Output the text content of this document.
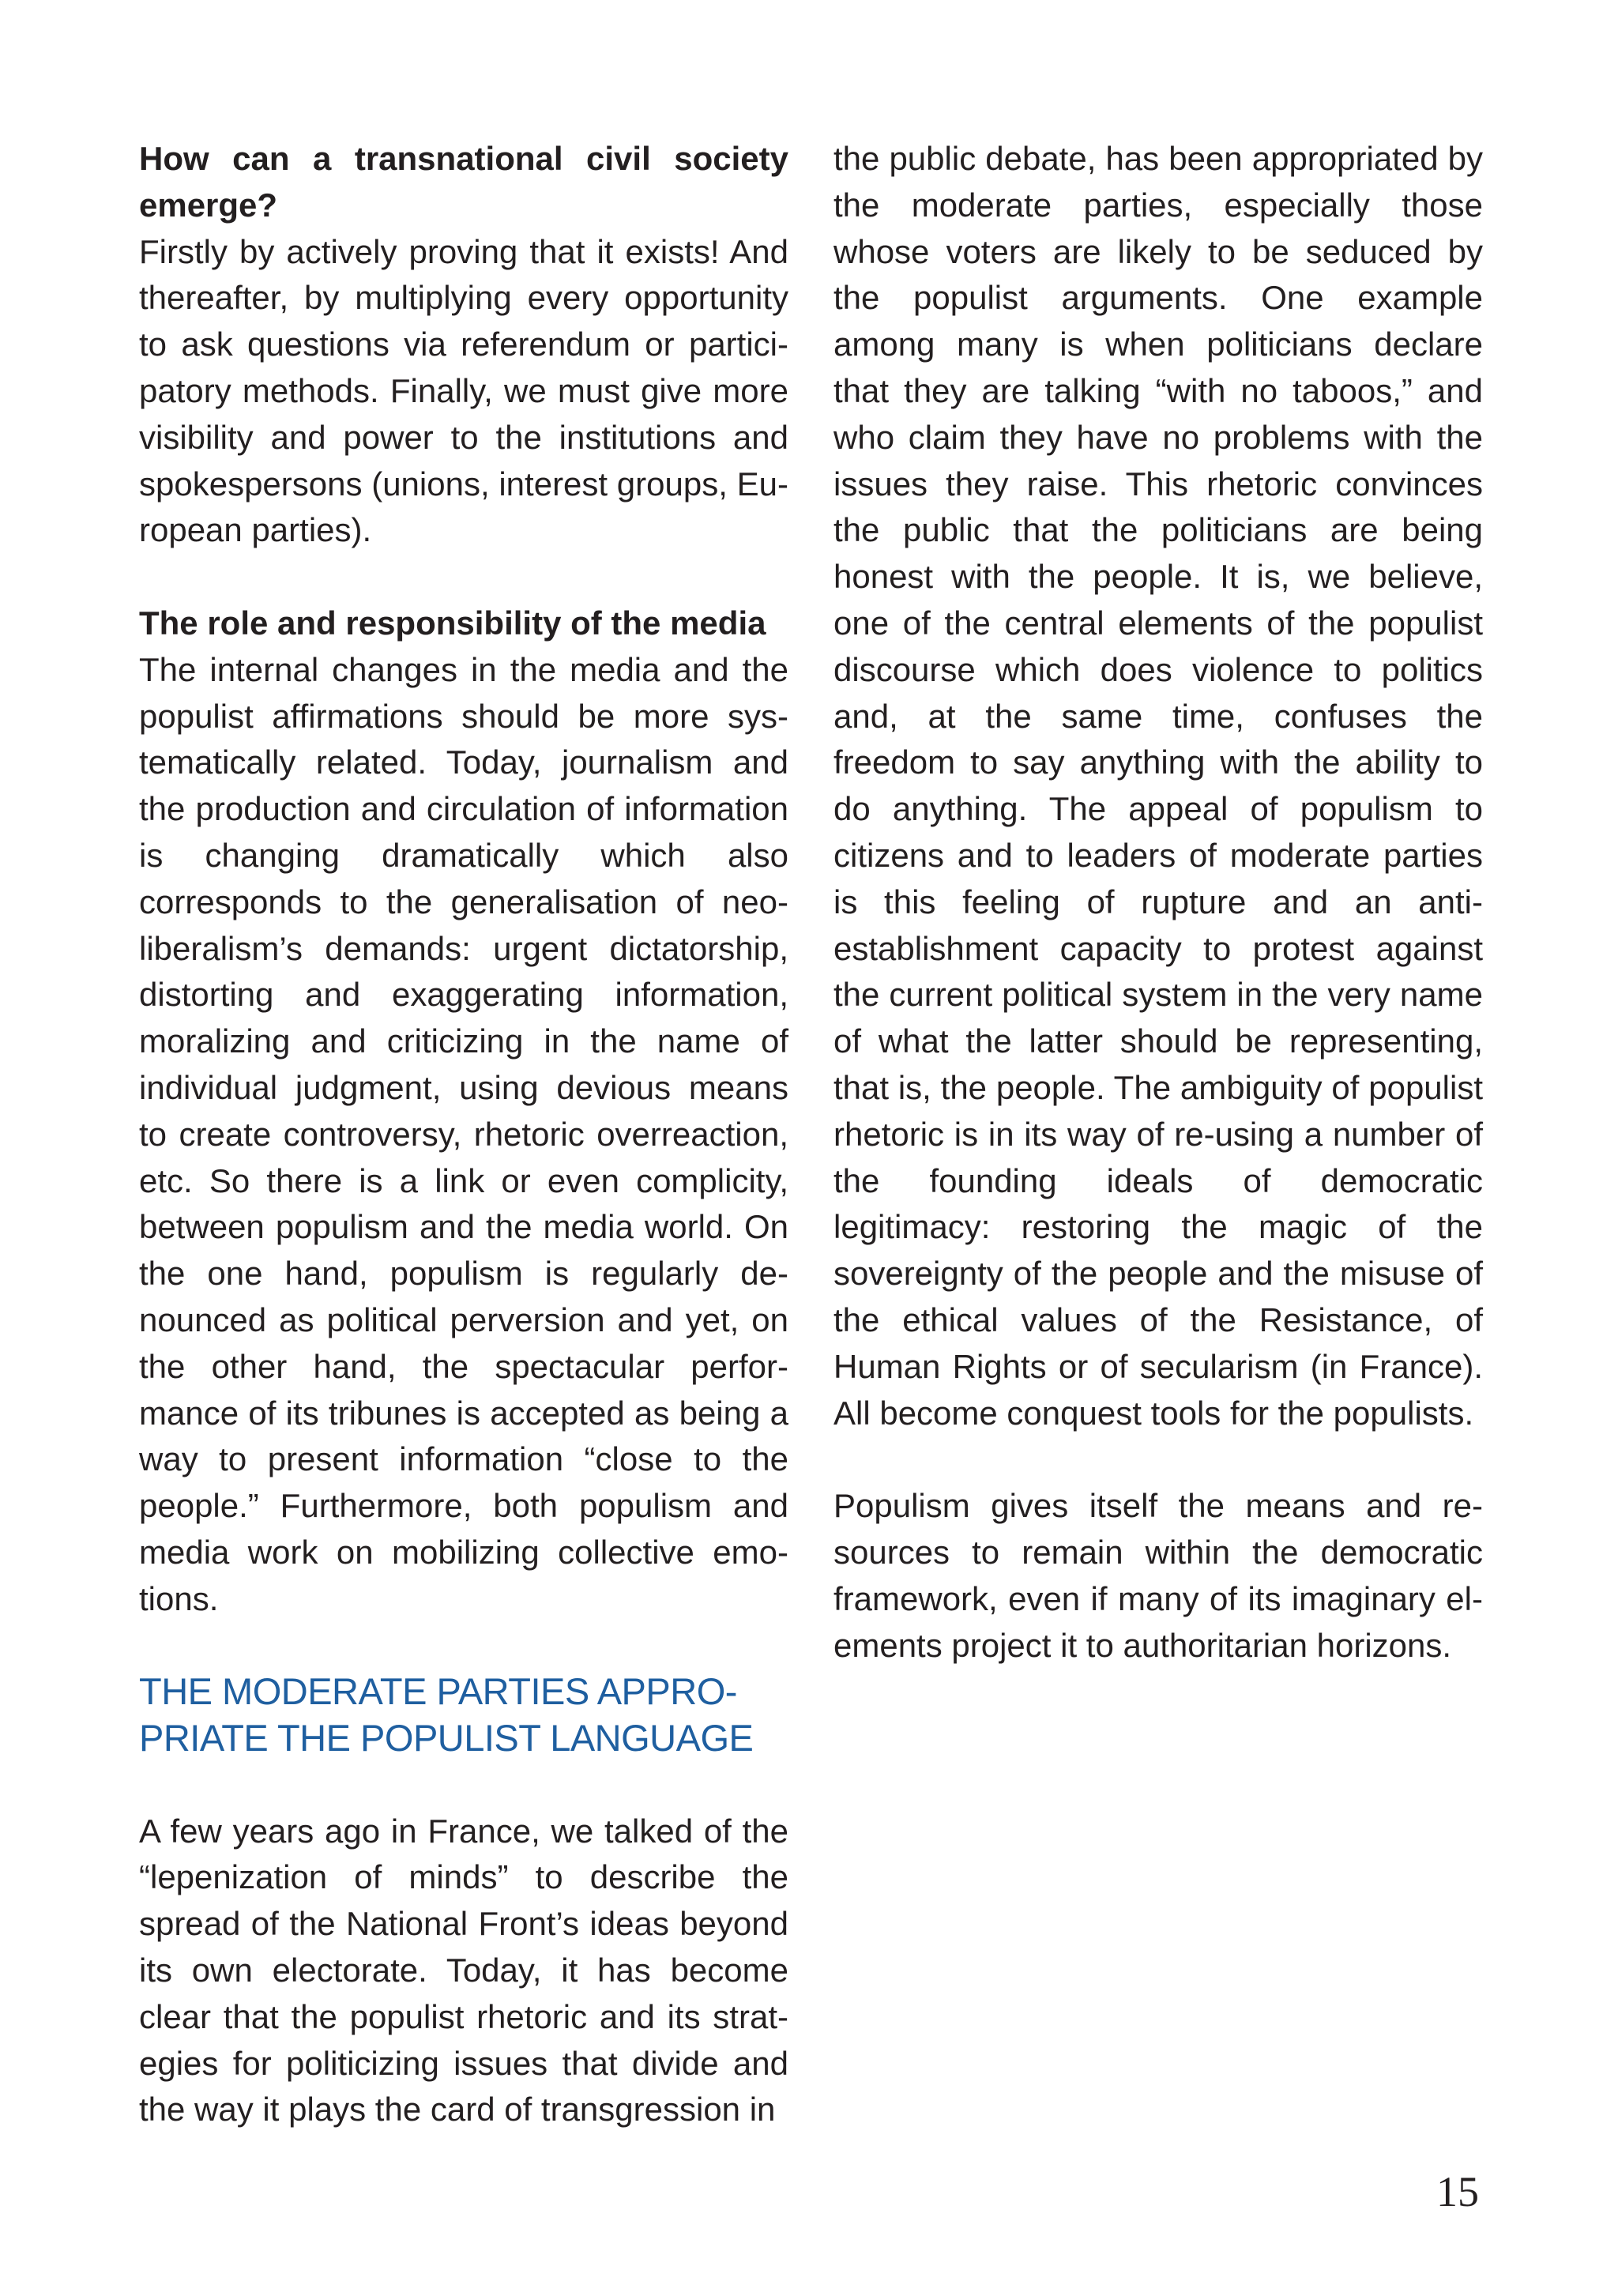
How can a transnational civil society emerge?

Firstly by actively proving that it exists! And thereafter, by multiplying every opportunity to ask questions via referendum or participatory methods. Finally, we must give more visibility and power to the institutions and spokespersons (unions, interest groups, European parties).

The role and responsibility of the media

The internal changes in the media and the populist affirmations should be more systematically related. Today, journalism and the production and circulation of information is changing dramatically which also corresponds to the generalisation of neoliberalism’s demands: urgent dictatorship, distorting and exaggerating information, moralizing and criticizing in the name of individual judgment, using devious means to create controversy, rhetoric overreaction, etc. So there is a link or even complicity, between populism and the media world. On the one hand, populism is regularly denounced as political perversion and yet, on the other hand, the spectacular performance of its tribunes is accepted as being a way to present information “close to the people.” Furthermore, both populism and media work on mobilizing collective emotions.

THE MODERATE PARTIES APPRO-
PRIATE THE POPULIST LANGUAGE

A few years ago in France, we talked of the “lepenization of minds” to describe the spread of the National Front’s ideas beyond its own electorate. Today, it has become clear that the populist rhetoric and its strategies for politicizing issues that divide and the way it plays the card of transgression in

the public debate, has been appropriated by the moderate parties, especially those whose voters are likely to be seduced by the populist arguments. One example among many is when politicians declare that they are talking “with no taboos,” and who claim they have no problems with the issues they raise. This rhetoric convinces the public that the politicians are being honest with the people. It is, we believe, one of the central elements of the populist discourse which does violence to politics and, at the same time, confuses the freedom to say anything with the ability to do anything. The appeal of populism to citizens and to leaders of moderate parties is this feeling of rupture and an anti-establishment capacity to protest against the current political system in the very name of what the latter should be representing, that is, the people. The ambiguity of populist rhetoric is in its way of re-using a number of the founding ideals of democratic legitimacy: restoring the magic of the sovereignty of the people and the misuse of the ethical values of the Resistance, of Human Rights or of secularism (in France). All become conquest tools for the populists.

Populism gives itself the means and resources to remain within the democratic framework, even if many of its imaginary elements project it to authoritarian horizons.

15
